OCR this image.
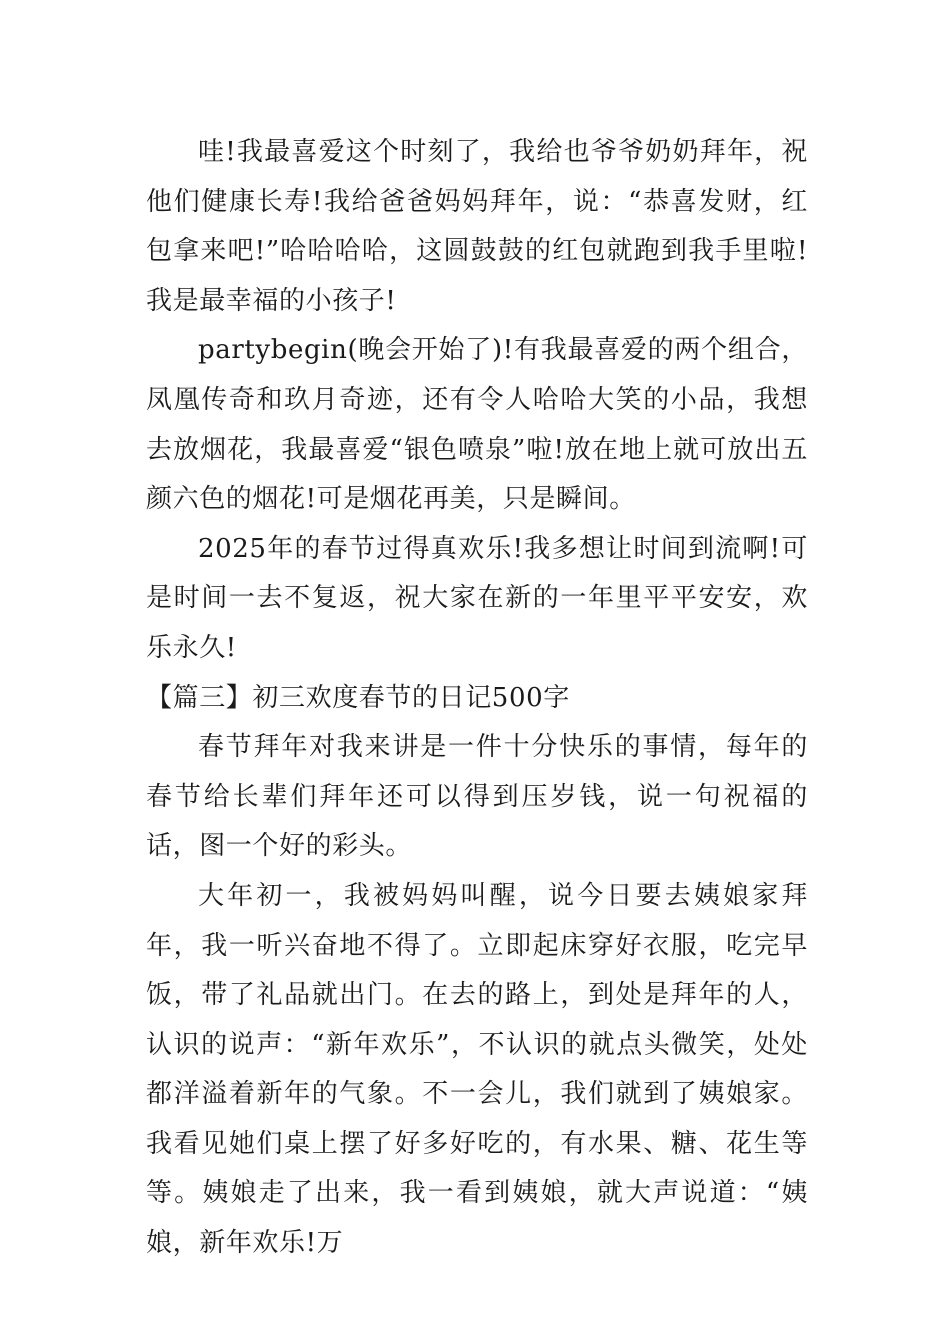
哇!我最喜爱这个时刻了，我给也爷爷奶奶拜年，祝他们健康长寿!我给爸爸妈妈拜年，说：“恭喜发财，红包拿来吧!”哈哈哈哈，这圆鼓鼓的红包就跑到我手里啦!我是最幸福的小孩子!

partybegin(晚会开始了)!有我最喜爱的两个组合，凤凰传奇和玖月奇迹，还有令人哈哈大笑的小品，我想去放烟花，我最喜爱“银色喷泉”啦!放在地上就可放出五颜六色的烟花!可是烟花再美，只是瞬间。

2025年的春节过得真欢乐!我多想让时间到流啊!可是时间一去不复返，祝大家在新的一年里平平安安，欢乐永久!

【篇三】初三欢度春节的日记500字

春节拜年对我来讲是一件十分快乐的事情，每年的春节给长辈们拜年还可以得到压岁钱，说一句祝福的话，图一个好的彩头。

大年初一，我被妈妈叫醒，说今日要去姨娘家拜年，我一听兴奋地不得了。立即起床穿好衣服，吃完早饭，带了礼品就出门。在去的路上，到处是拜年的人，认识的说声：“新年欢乐”，不认识的就点头微笑，处处都洋溢着新年的气象。不一会儿，我们就到了姨娘家。我看见她们桌上摆了好多好吃的，有水果、糖、花生等等。姨娘走了出来，我一看到姨娘，就大声说道：“姨娘，新年欢乐!万
